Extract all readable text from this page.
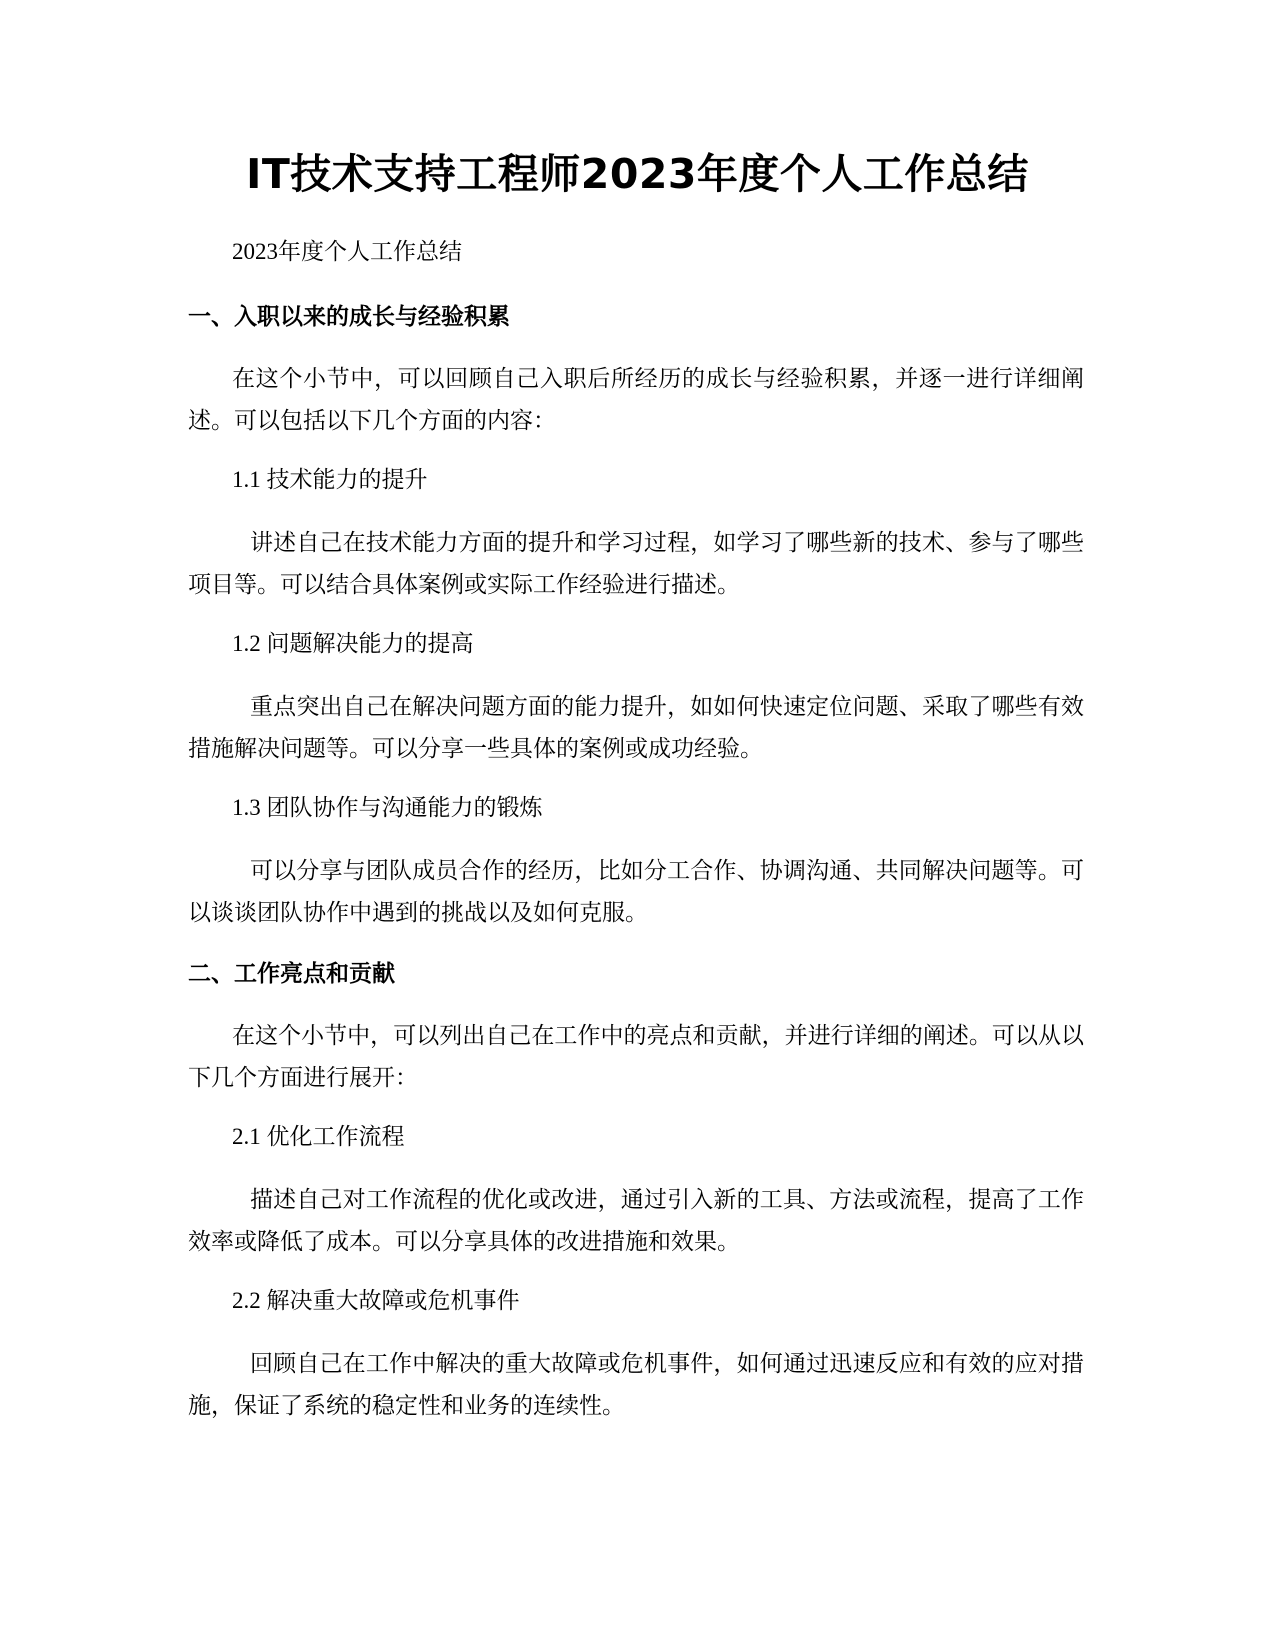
IT技术支持工程师2023年度个人工作总结
2023年度个人工作总结
一、入职以来的成长与经验积累
在这个小节中，可以回顾自己入职后所经历的成长与经验积累，并逐一进行详细阐述。可以包括以下几个方面的内容：
1.1 技术能力的提升
讲述自己在技术能力方面的提升和学习过程，如学习了哪些新的技术、参与了哪些项目等。可以结合具体案例或实际工作经验进行描述。
1.2 问题解决能力的提高
重点突出自己在解决问题方面的能力提升，如如何快速定位问题、采取了哪些有效措施解决问题等。可以分享一些具体的案例或成功经验。
1.3 团队协作与沟通能力的锻炼
可以分享与团队成员合作的经历，比如分工合作、协调沟通、共同解决问题等。可以谈谈团队协作中遇到的挑战以及如何克服。
二、工作亮点和贡献
在这个小节中，可以列出自己在工作中的亮点和贡献，并进行详细的阐述。可以从以下几个方面进行展开：
2.1 优化工作流程
描述自己对工作流程的优化或改进，通过引入新的工具、方法或流程，提高了工作效率或降低了成本。可以分享具体的改进措施和效果。
2.2 解决重大故障或危机事件
回顾自己在工作中解决的重大故障或危机事件，如何通过迅速反应和有效的应对措施，保证了系统的稳定性和业务的连续性。
